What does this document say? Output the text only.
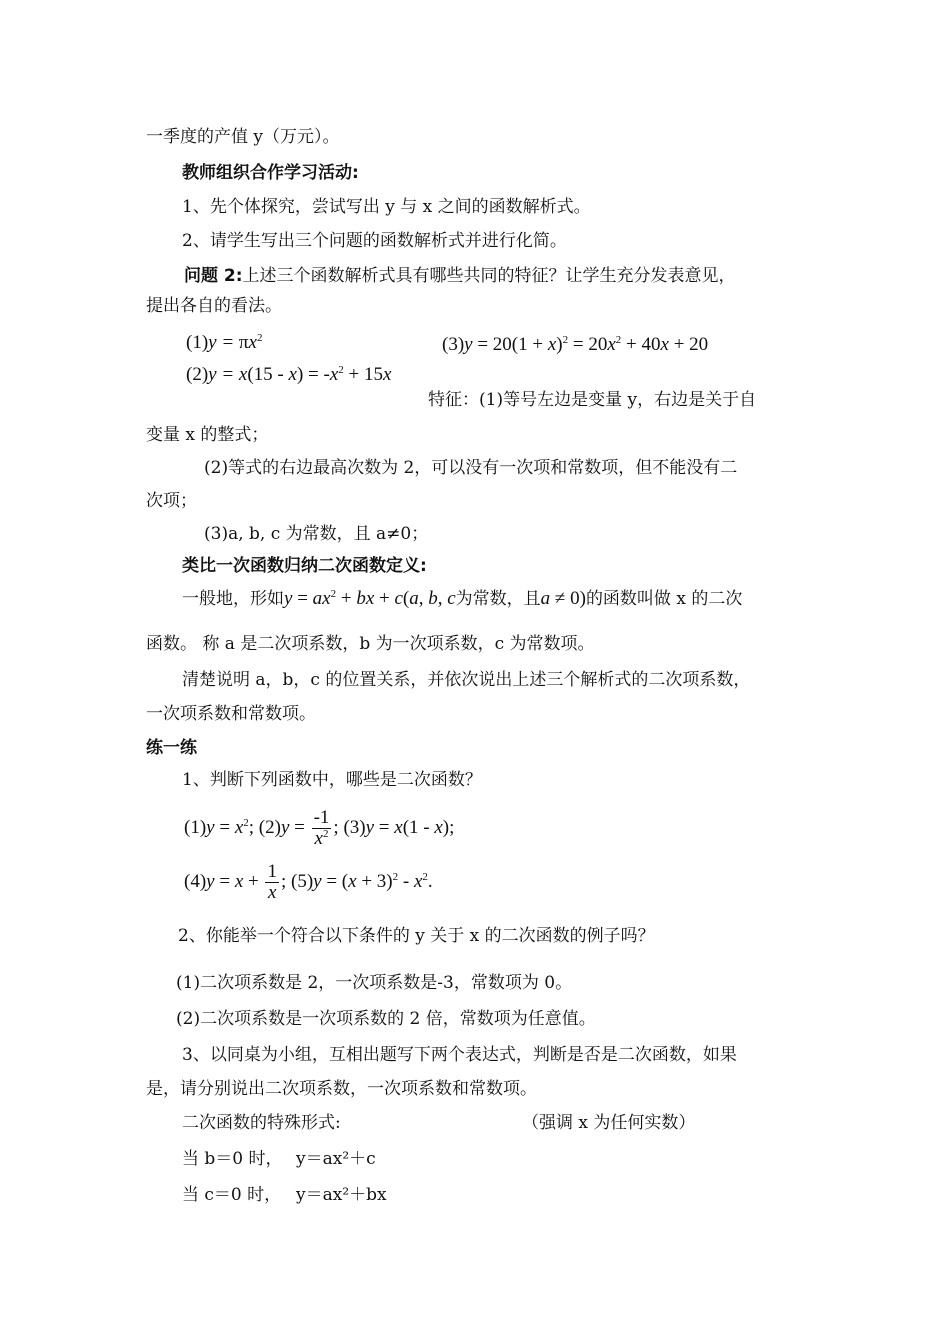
一季度的产值 y（万元）。
教师组织合作学习活动:
1、先个体探究，尝试写出 y 与 x 之间的函数解析式。
2、请学生写出三个问题的函数解析式并进行化简。
问题 2:上述三个函数解析式具有哪些共同的特征？让学生充分发表意见，
提出各自的看法。
$(1)y = \pi x^2$
$(2)y = x(15 - x) = -x^2 + 15x$
$(3)y = 20(1 + x)^2 = 20x^2 + 40x + 20$
特征：(1)等号左边是变量 y，右边是关于自
变量 x 的整式；
(2)等式的右边最高次数为 2，可以没有一次项和常数项，但不能没有二
次项；
(3)a, b, c 为常数，且 a≠0；
类比一次函数归纳二次函数定义:
一般地，形如$y = ax^2$ + bx + c(a, b, c为常数，且a ≠ 0)的函数叫做 x 的二次
函数。 称 a 是二次项系数，b 为一次项系数，c 为常数项。
清楚说明 a，b，c 的位置关系，并依次说出上述三个解析式的二次项系数，
一次项系数和常数项。
练一练
1、判断下列函数中，哪些是二次函数？
$(1)y = x^2$; $(2)y = \frac{-1}{x^2}$ ; (3)y = x(1 - x);
$(4)y = x + \frac{1}{x}$ ; $(5)y = (x + 3)^2 - x^2$.
2、你能举一个符合以下条件的 y 关于 x 的二次函数的例子吗？
(1)二次项系数是 2，一次项系数是-3，常数项为 0。
(2)二次项系数是一次项系数的 2 倍，常数项为任意值。
3、以同桌为小组，互相出题写下两个表达式，判断是否是二次函数，如果
是，请分别说出二次项系数，一次项系数和常数项。
二次函数的特殊形式:	（强调 x 为任何实数）
当 b＝0 时， y＝ax²＋c
当 c＝0 时， y＝ax²＋bx
